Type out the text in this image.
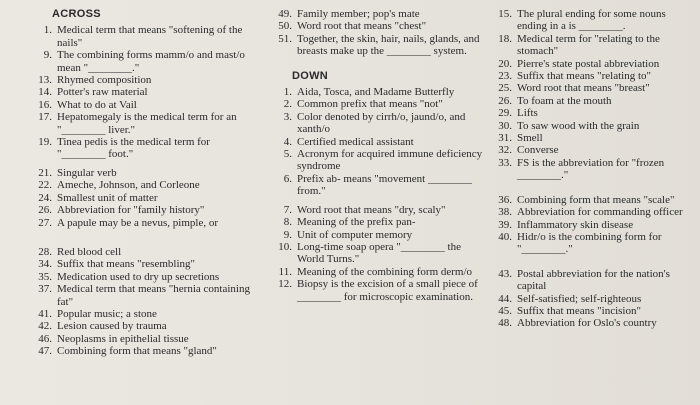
ACROSS
1. Medical term that means "softening of the nails"
9. The combining forms mamm/o and mast/o mean "________."
13. Rhymed composition
14. Potter's raw material
16. What to do at Vail
17. Hepatomegaly is the medical term for an "________ liver."
19. Tinea pedis is the medical term for "________ foot."
21. Singular verb
22. Ameche, Johnson, and Corleone
24. Smallest unit of matter
26. Abbreviation for "family history"
27. A papule may be a nevus, pimple, or
28. Red blood cell
34. Suffix that means "resembling"
35. Medication used to dry up secretions
37. Medical term that means "hernia containing fat"
41. Popular music; a stone
42. Lesion caused by trauma
46. Neoplasms in epithelial tissue
47. Combining form that means "gland"
49. Family member; pop's mate
50. Word root that means "chest"
51. Together, the skin, hair, nails, glands, and breasts make up the ________ system.
DOWN
1. Aida, Tosca, and Madame Butterfly
2. Common prefix that means "not"
3. Color denoted by cirrh/o, jaund/o, and xanth/o
4. Certified medical assistant
5. Acronym for acquired immune deficiency syndrome
6. Prefix ab- means "movement ________ from."
7. Word root that means "dry, scaly"
8. Meaning of the prefix pan-
9. Unit of computer memory
10. Long-time soap opera "________ the World Turns."
11. Meaning of the combining form derm/o
12. Biopsy is the excision of a small piece of ________ for microscopic examination.
15. The plural ending for some nouns ending in a is ________.
18. Medical term for "relating to the stomach"
20. Pierre's state postal abbreviation
23. Suffix that means "relating to"
25. Word root that means "breast"
26. To foam at the mouth
29. Lifts
30. To saw wood with the grain
31. Smell
32. Converse
33. FS is the abbreviation for "frozen ________."
36. Combining form that means "scale"
38. Abbreviation for commanding officer
39. Inflammatory skin disease
40. Hidr/o is the combining form for "________."
43. Postal abbreviation for the nation's capital
44. Self-satisfied; self-righteous
45. Suffix that means "incision"
48. Abbreviation for Oslo's country
